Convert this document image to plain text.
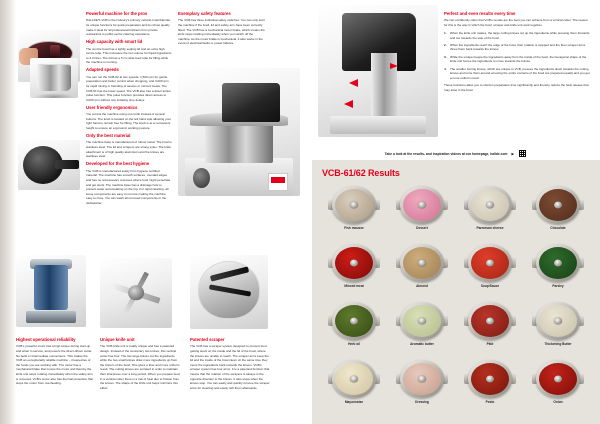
Powerful machine for the pros

HALLDE'S VCB is the industry's primary vertical cutter/blender. Its unique functions for quick preparation and its robust quality make it ideal for all professional kitchens from private restaurants to public sector catering operations.

High capacity with smart lid

The six litre bowl has a tightly sealing lid and an extra high centre tube. This increases the net volume for liquid ingredients to 4.3 litres. The lid has a 5 cm wide feed tube for filling while the machine is running.

Adapted speeds

You can run the VCB-62 at two speeds; 1,500 rpm for gentle preparation and better control when chopping, and 3,000 rpm for rapid mixing or blending of sauces or minced meats. The VCB-61 has the lower speed. The VCB also has a direct action pulse function. This pulse function provides direct access to 3,000 rpm without any initiating time delays.

User friendly ergonomics

You control the machine using one knob instead of several buttons. The knob is located on the left hand side allowing your right hand to remain free for filling. The knob is at a convenient height to ensure an ergonomic working posture.

Only the best material

The machine base is manufactured of robust metal. The bowl is stainless steel. The lid and scrapers are strong sylex. The knife attachment is of high quality aluminium and the knives are stainless steel.

Developed for the best hygiene

The VCB is manufactured solely from hygiene certified material. The machine has smooth surfaces, rounded edges and has no unnecessary recesses where food might penetrate and get stuck. The machine base has a drainage hole to prevent water accumulating on the top. For rapid cleaning, all loose components are easy to remove making the machine easy to rinse. You can wash all removed components in the dishwasher.

Exemplary safety features

The VCB has three individual safety switches. You can only start the machine if the bowl, lid and safety arm have been correctly fitted. The VCB has a mechanical motor brake, which means the knife stops rotating immediately when you switch off the machine. As the motor brake is mechanical, it also works in the event of electrical faults or power failures.

Highest operational reliability

VCB's powerful motor has a high torque during start-up and when in service, and powers the direct-driven cutter. No belts or intermediate connections. This makes the VCB an exceptionally reliable machine – irrespective of the foods you are working with. The motor has a mechanical brake that moves the motor and thereby the knife unit stops rotating immediately when the safety arm is removed. VCB's motor also has thermal protection that stops the motor from overheating.

Unique knife unit

The VCB knife unit is totally unique and has a patented design. Instead of the customary two knives, this vertical cutter has four. The two large knives cut the ingredients while the two small knives draw more ingredients up from the bottom of the bowl. This gives a finer and more uniform result. The cutting knives are serrated in order to maintain their sharpness over a long period. When you prepare food in a vertical cutter there is a risk of heat due to friction from the knives. The shape of the knife unit helps minimize this effect.

Patented scraper

The VCB has a scraper system designed to prevent food getting stuck on the inside and the lid of the bowl, where the knives are unable to reach. The scraper arms keep the lid and the inside of the bowl clean. At the same time they move the ingredients back towards the knives. VCB's scraper system has four arms. It is a patented function that means that the rotation of the scrapers is always in the opposite direction to the knives. It also stops when the knives stop. You can easily and quickly remove the scraper arms for cleaning and easily refit them afterwards.

Perfect and even results every time

We can confidently claim that VCB's results are the best you can achieve from a vertical cutter. The reason for this is the way in which the bowl, scraper and knife unit work together.

When the knife unit rotates, the large cutting knives cut up the ingredients while pressing them forwards and out towards the side of the bowl.
When the ingredients reach the edge of the bowl, their rotation is stopped and the floor scraper arms throw them back towards the knives.
While the scraper keeps the ingredients away from the inside of the bowl, the hexagonal shape of the knife unit forces the ingredients to move towards the knives.
The smaller turning knives, which are unique to VCB, presses the ingredients down towards the cutting knives and turns them around ensuring the entire contents of the bowl are prepared equally and you get a more uniform result.

These functions allow you to shorten preparation time significantly and thereby reduce the heat release that may arise in the bowl.

Take a look at the results- and inspiration videos at our homepage, hallde.com ▶
VCB-61/62 Results
Fish mousse	Dessert	Parmesan cheese	Chocolate
Minced meat	Almond	Soup/Sauce	Parsley
Herb oil	Aromatic butter	Pâté	Thickening Butter
Mayonnaise	Dressing	Pesto	Onion
